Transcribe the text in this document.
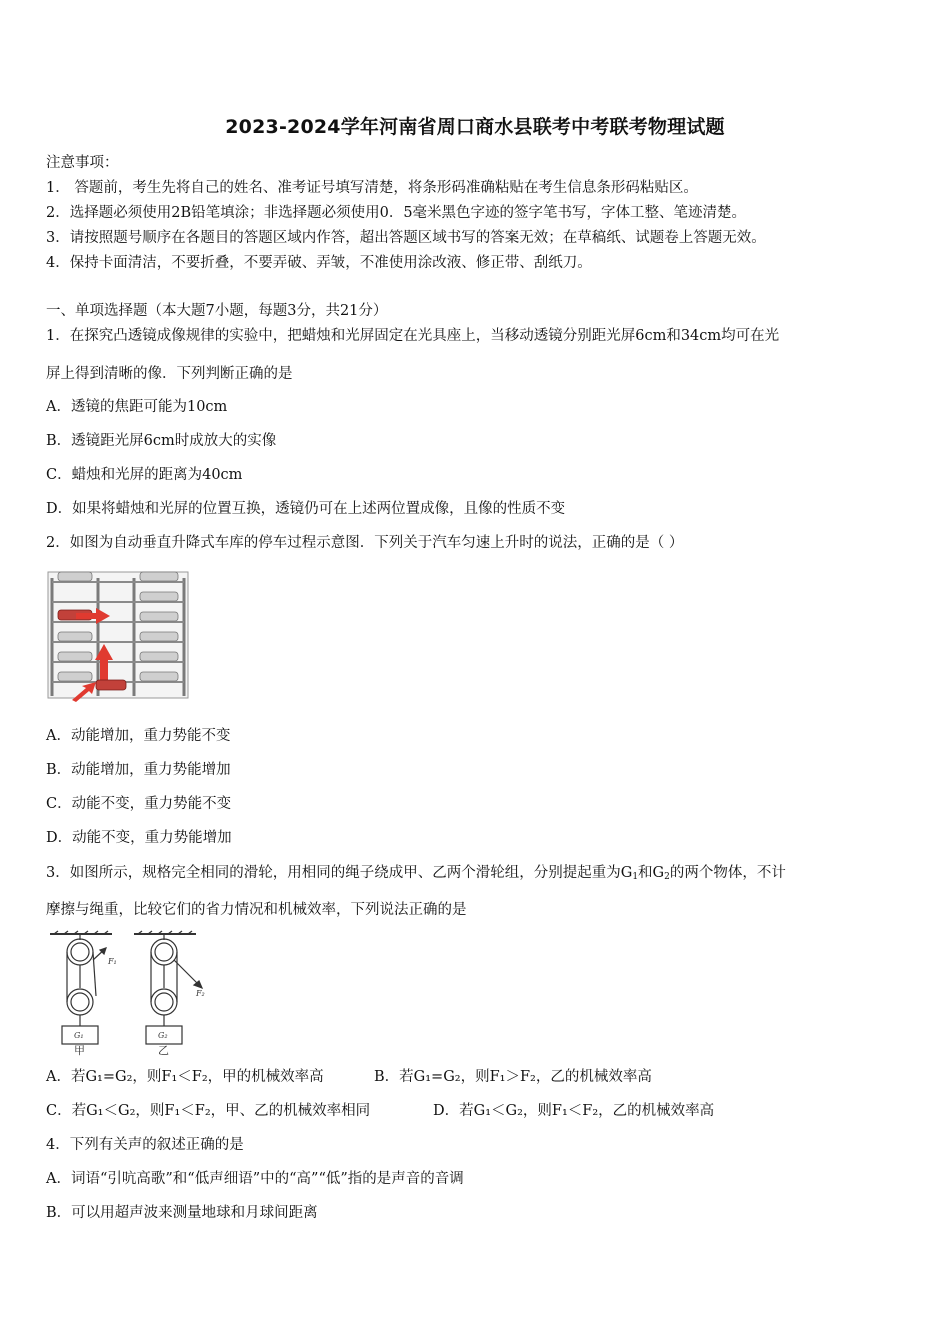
2023-2024学年河南省周口商水县联考中考联考物理试题
注意事项：
1． 答题前，考生先将自己的姓名、准考证号填写清楚，将条形码准确粘贴在考生信息条形码粘贴区。
2．选择题必须使用2B铅笔填涂；非选择题必须使用0．5毫米黑色字迹的签字笔书写，字体工整、笔迹清楚。
3．请按照题号顺序在各题目的答题区域内作答，超出答题区域书写的答案无效；在草稿纸、试题卷上答题无效。
4．保持卡面清洁，不要折叠，不要弄破、弄皱，不准使用涂改液、修正带、刮纸刀。
一、单项选择题（本大题7小题，每题3分，共21分）
1．在探究凸透镜成像规律的实验中，把蜡烛和光屏固定在光具座上，当移动透镜分别距光屏6cm和34cm均可在光
屏上得到清晰的像．下列判断正确的是
A．透镜的焦距可能为10cm
B．透镜距光屏6cm时成放大的实像
C．蜡烛和光屏的距离为40cm
D．如果将蜡烛和光屏的位置互换，透镜仍可在上述两位置成像，且像的性质不变
2．如图为自动垂直升降式车库的停车过程示意图．下列关于汽车匀速上升时的说法，正确的是（ ）
A．动能增加，重力势能不变
B．动能增加，重力势能增加
C．动能不变，重力势能不变
D．动能不变，重力势能增加
3．如图所示，规格完全相同的滑轮，用相同的绳子绕成甲、乙两个滑轮组，分别提起重为$G_1$和$G_2$的两个物体，不计
摩擦与绳重，比较它们的省力情况和机械效率，下列说法正确的是
F₁
F₂
G₁	G₂
甲	乙
A．若G₁=G₂，则F₁＜F₂，甲的机械效率高	B．若G₁=G₂，则F₁＞F₂，乙的机械效率高
C．若G₁＜G₂，则F₁＜F₂，甲、乙的机械效率相同	D．若G₁＜G₂，则F₁＜F₂，乙的机械效率高
4．下列有关声的叙述正确的是
A．词语“引吭高歌”和“低声细语”中的“高”“低”指的是声音的音调
B．可以用超声波来测量地球和月球间距离
